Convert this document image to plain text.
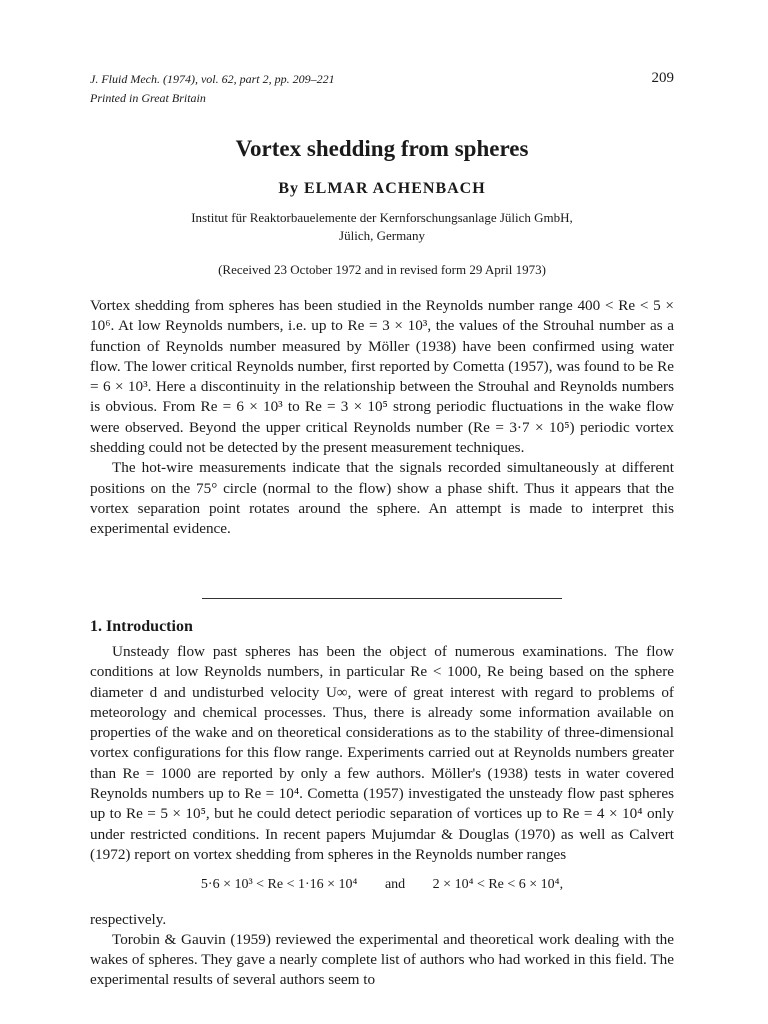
J. Fluid Mech. (1974), vol. 62, part 2, pp. 209–221	209
Printed in Great Britain
Vortex shedding from spheres
By ELMAR ACHENBACH
Institut für Reaktorbauelemente der Kernforschungsanlage Jülich GmbH,
Jülich, Germany
(Received 23 October 1972 and in revised form 29 April 1973)

Vortex shedding from spheres has been studied in the Reynolds number range 400 < Re < 5 × 10⁶. At low Reynolds numbers, i.e. up to Re = 3 × 10³, the values of the Strouhal number as a function of Reynolds number measured by Möller (1938) have been confirmed using water flow. The lower critical Reynolds number, first reported by Cometta (1957), was found to be Re = 6 × 10³. Here a discontinuity in the relationship between the Strouhal and Reynolds numbers is obvious. From Re = 6 × 10³ to Re = 3 × 10⁵ strong periodic fluctuations in the wake flow were observed. Beyond the upper critical Reynolds number (Re = 3·7 × 10⁵) periodic vortex shedding could not be detected by the present measurement techniques.

The hot-wire measurements indicate that the signals recorded simultaneously at different positions on the 75° circle (normal to the flow) show a phase shift. Thus it appears that the vortex separation point rotates around the sphere. An attempt is made to interpret this experimental evidence.

1. Introduction

Unsteady flow past spheres has been the object of numerous examinations. The flow conditions at low Reynolds numbers, in particular Re < 1000, Re being based on the sphere diameter d and undisturbed velocity U∞, were of great interest with regard to problems of meteorology and chemical processes. Thus, there is already some information available on properties of the wake and on theoretical considerations as to the stability of three-dimensional vortex configurations for this flow range. Experiments carried out at Reynolds numbers greater than Re = 1000 are reported by only a few authors. Möller's (1938) tests in water covered Reynolds numbers up to Re = 10⁴. Cometta (1957) investigated the unsteady flow past spheres up to Re = 5 × 10⁵, but he could detect periodic separation of vortices up to Re = 4 × 10⁴ only under restricted conditions. In recent papers Mujumdar & Douglas (1970) as well as Calvert (1972) report on vortex shedding from spheres in the Reynolds number ranges

5·6 × 10³ < Re < 1·16 × 10⁴ and 2 × 10⁴ < Re < 6 × 10⁴,

respectively.

Torobin & Gauvin (1959) reviewed the experimental and theoretical work dealing with the wakes of spheres. They gave a nearly complete list of authors who had worked in this field. The experimental results of several authors seem to
